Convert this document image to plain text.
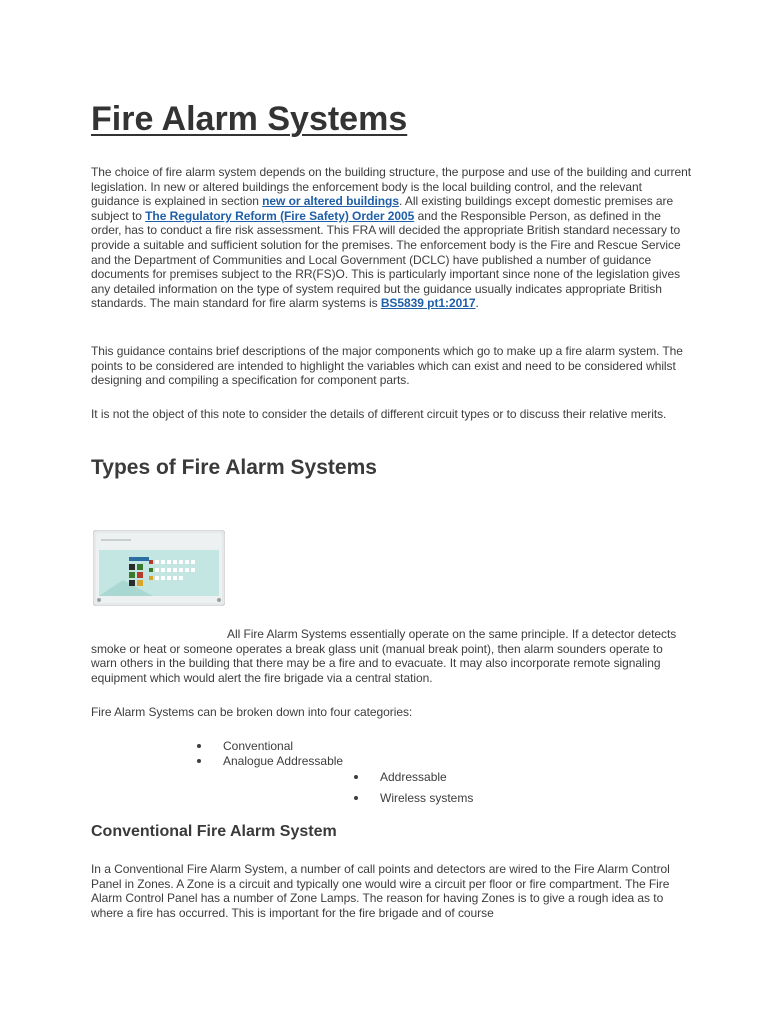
Fire Alarm Systems

The choice of fire alarm system depends on the building structure, the purpose and use of the building and current legislation. In new or altered buildings the enforcement body is the local building control, and the relevant guidance is explained in section new or altered buildings. All existing buildings except domestic premises are subject to The Regulatory Reform (Fire Safety) Order 2005 and the Responsible Person, as defined in the order, has to conduct a fire risk assessment. This FRA will decided the appropriate British standard necessary to provide a suitable and sufficient solution for the premises. The enforcement body is the Fire and Rescue Service and the Department of Communities and Local Government (DCLC) have published a number of guidance documents for premises subject to the RR(FS)O. This is particularly important since none of the legislation gives any detailed information on the type of system required but the guidance usually indicates appropriate British standards. The main standard for fire alarm systems is BS5839 pt1:2017.

This guidance contains brief descriptions of the major components which go to make up a fire alarm system. The points to be considered are intended to highlight the variables which can exist and need to be considered whilst designing and compiling a specification for component parts.

It is not the object of this note to consider the details of different circuit types or to discuss their relative merits.

Types of Fire Alarm Systems

All Fire Alarm Systems essentially operate on the same principle. If a detector detects smoke or heat or someone operates a break glass unit (manual break point), then alarm sounders operate to warn others in the building that there may be a fire and to evacuate. It may also incorporate remote signaling equipment which would alert the fire brigade via a central station.

Fire Alarm Systems can be broken down into four categories:

Conventional
Analogue Addressable
Addressable
Wireless systems
Conventional Fire Alarm System

In a Conventional Fire Alarm System, a number of call points and detectors are wired to the Fire Alarm Control Panel in Zones. A Zone is a circuit and typically one would wire a circuit per floor or fire compartment. The Fire Alarm Control Panel has a number of Zone Lamps. The reason for having Zones is to give a rough idea as to where a fire has occurred. This is important for the fire brigade and of course
